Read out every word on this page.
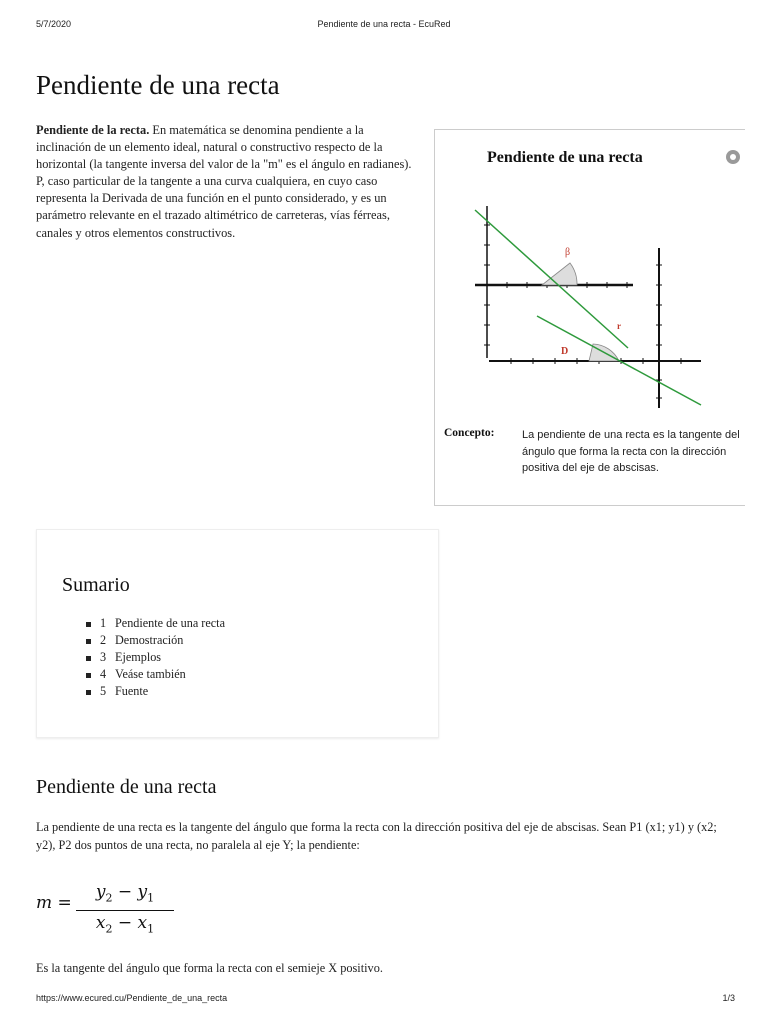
5/7/2020	Pendiente de una recta - EcuRed
Pendiente de una recta

Pendiente de la recta. En matemática se denomina pendiente a la inclinación de un elemento ideal, natural o constructivo respecto de la horizontal (la tangente inversa del valor de la "m" es el ángulo en radianes). P, caso particular de la tangente a una curva cualquiera, en cuyo caso representa la Derivada de una función en el punto considerado, y es un parámetro relevante en el trazado altimétrico de carreteras, vías férreas, canales y otros elementos constructivos.

Pendiente de una recta
β
r
D
Concepto:	La pendiente de una recta es la tangente del ángulo que forma la recta con la dirección positiva del eje de abscisas.
Sumario
1 Pendiente de una recta
2 Demostración
3 Ejemplos
4 Veáse también
5 Fuente
Pendiente de una recta

La pendiente de una recta es la tangente del ángulo que forma la recta con la dirección positiva del eje de abscisas. Sean P1 (x1; y1) y (x2; y2), P2 dos puntos de una recta, no paralela al eje Y; la pendiente:

m =
$y_2 - y_1$
$x_2 - x_1$

Es la tangente del ángulo que forma la recta con el semieje X positivo.

https://www.ecured.cu/Pendiente_de_una_recta	1/3
